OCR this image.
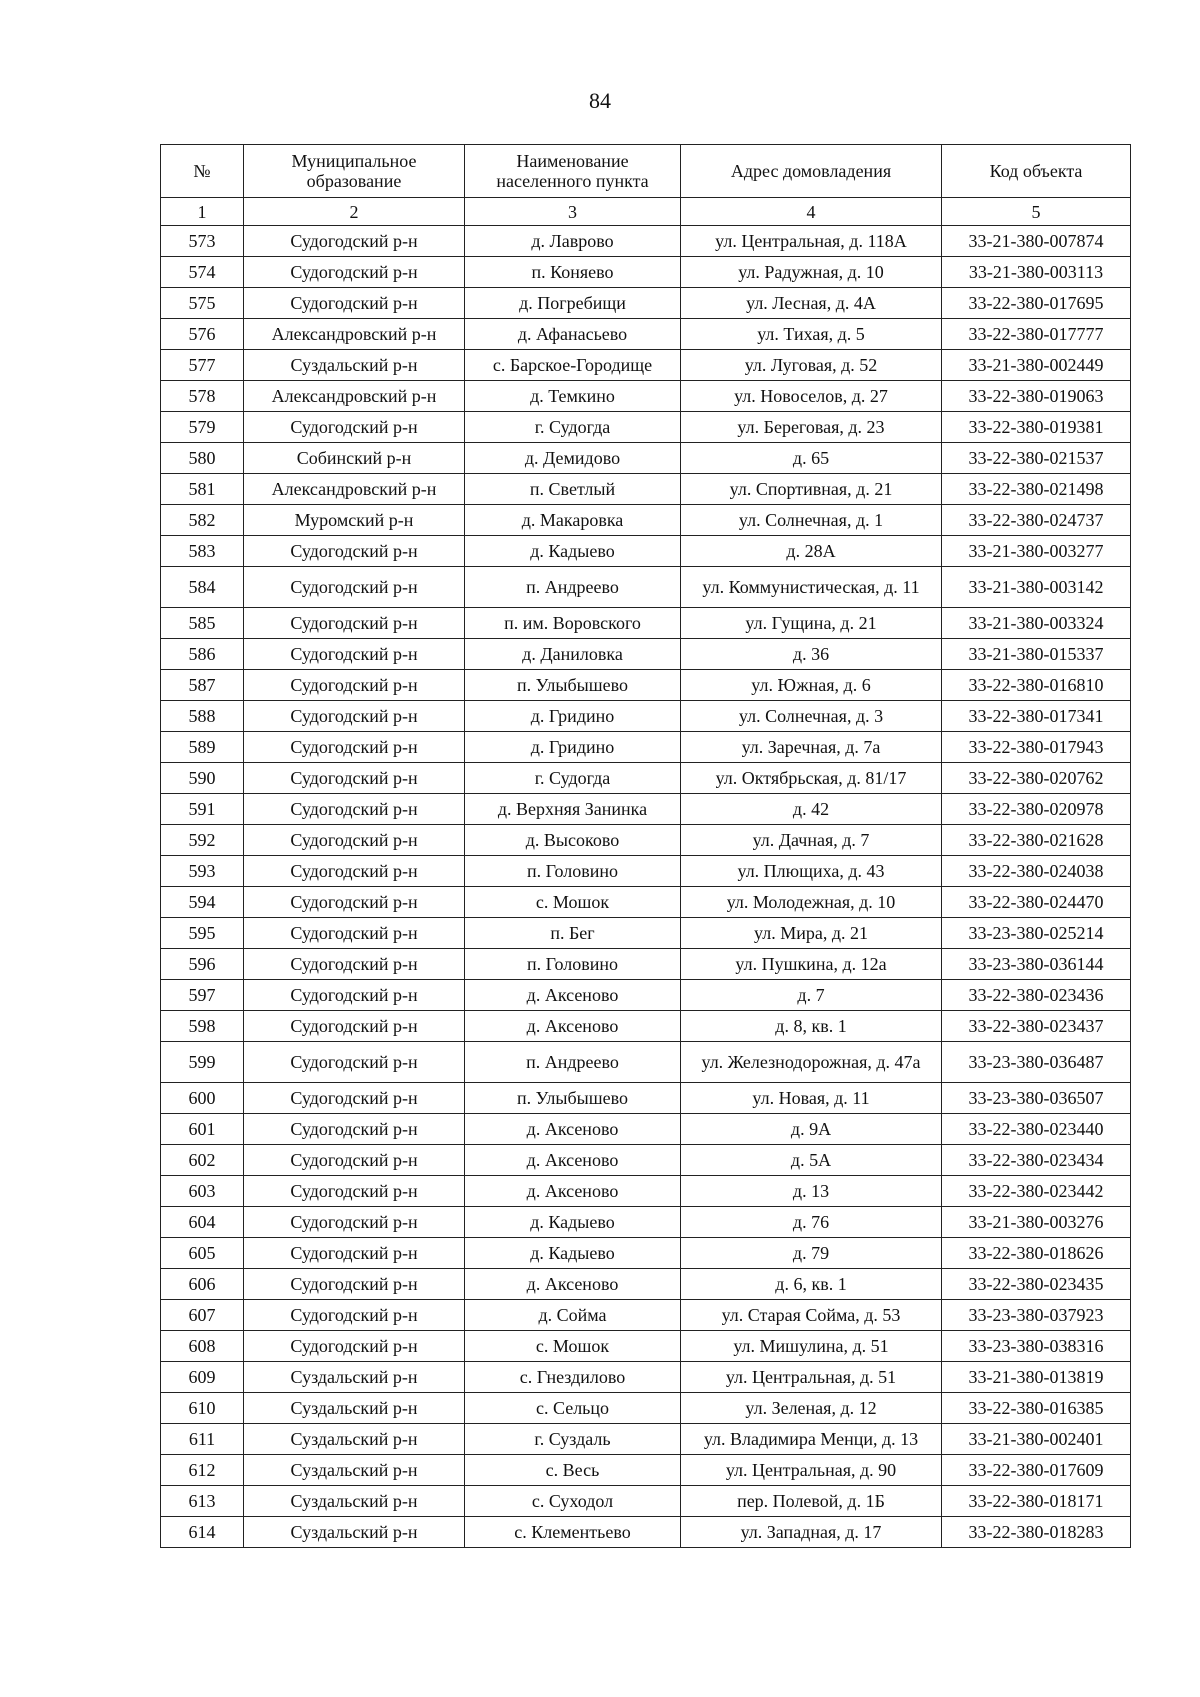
84
№	Муниципальное образование	Наименование населенного пункта	Адрес домовладения	Код объекта
1	2	3	4	5
573	Судогодский р-н	д. Лаврово	ул. Центральная, д. 118А	33-21-380-007874
574	Судогодский р-н	п. Коняево	ул. Радужная, д. 10	33-21-380-003113
575	Судогодский р-н	д. Погребищи	ул. Лесная, д. 4А	33-22-380-017695
576	Александровский р-н	д. Афанасьево	ул. Тихая, д. 5	33-22-380-017777
577	Суздальский р-н	с. Барское-Городище	ул. Луговая, д. 52	33-21-380-002449
578	Александровский р-н	д. Темкино	ул. Новоселов, д. 27	33-22-380-019063
579	Судогодский р-н	г. Судогда	ул. Береговая, д. 23	33-22-380-019381
580	Собинский р-н	д. Демидово	д. 65	33-22-380-021537
581	Александровский р-н	п. Светлый	ул. Спортивная, д. 21	33-22-380-021498
582	Муромский р-н	д. Макаровка	ул. Солнечная, д. 1	33-22-380-024737
583	Судогодский р-н	д. Кадыево	д. 28А	33-21-380-003277
584	Судогодский р-н	п. Андреево	ул. Коммунистическая, д. 11	33-21-380-003142
585	Судогодский р-н	п. им. Воровского	ул. Гущина, д. 21	33-21-380-003324
586	Судогодский р-н	д. Даниловка	д. 36	33-21-380-015337
587	Судогодский р-н	п. Улыбышево	ул. Южная, д. 6	33-22-380-016810
588	Судогодский р-н	д. Гридино	ул. Солнечная, д. 3	33-22-380-017341
589	Судогодский р-н	д. Гридино	ул. Заречная, д. 7а	33-22-380-017943
590	Судогодский р-н	г. Судогда	ул. Октябрьская, д. 81/17	33-22-380-020762
591	Судогодский р-н	д. Верхняя Занинка	д. 42	33-22-380-020978
592	Судогодский р-н	д. Высоково	ул. Дачная, д. 7	33-22-380-021628
593	Судогодский р-н	п. Головино	ул. Плющиха, д. 43	33-22-380-024038
594	Судогодский р-н	с. Мошок	ул. Молодежная, д. 10	33-22-380-024470
595	Судогодский р-н	п. Бег	ул. Мира, д. 21	33-23-380-025214
596	Судогодский р-н	п. Головино	ул. Пушкина, д. 12а	33-23-380-036144
597	Судогодский р-н	д. Аксеново	д. 7	33-22-380-023436
598	Судогодский р-н	д. Аксеново	д. 8, кв. 1	33-22-380-023437
599	Судогодский р-н	п. Андреево	ул. Железнодорожная, д. 47а	33-23-380-036487
600	Судогодский р-н	п. Улыбышево	ул. Новая, д. 11	33-23-380-036507
601	Судогодский р-н	д. Аксеново	д. 9А	33-22-380-023440
602	Судогодский р-н	д. Аксеново	д. 5А	33-22-380-023434
603	Судогодский р-н	д. Аксеново	д. 13	33-22-380-023442
604	Судогодский р-н	д. Кадыево	д. 76	33-21-380-003276
605	Судогодский р-н	д. Кадыево	д. 79	33-22-380-018626
606	Судогодский р-н	д. Аксеново	д. 6, кв. 1	33-22-380-023435
607	Судогодский р-н	д. Сойма	ул. Старая Сойма, д. 53	33-23-380-037923
608	Судогодский р-н	с. Мошок	ул. Мишулина, д. 51	33-23-380-038316
609	Суздальский р-н	с. Гнездилово	ул. Центральная, д. 51	33-21-380-013819
610	Суздальский р-н	с. Сельцо	ул. Зеленая, д. 12	33-22-380-016385
611	Суздальский р-н	г. Суздаль	ул. Владимира Менци, д. 13	33-21-380-002401
612	Суздальский р-н	с. Весь	ул. Центральная, д. 90	33-22-380-017609
613	Суздальский р-н	с. Суходол	пер. Полевой, д. 1Б	33-22-380-018171
614	Суздальский р-н	с. Клементьево	ул. Западная, д. 17	33-22-380-018283
